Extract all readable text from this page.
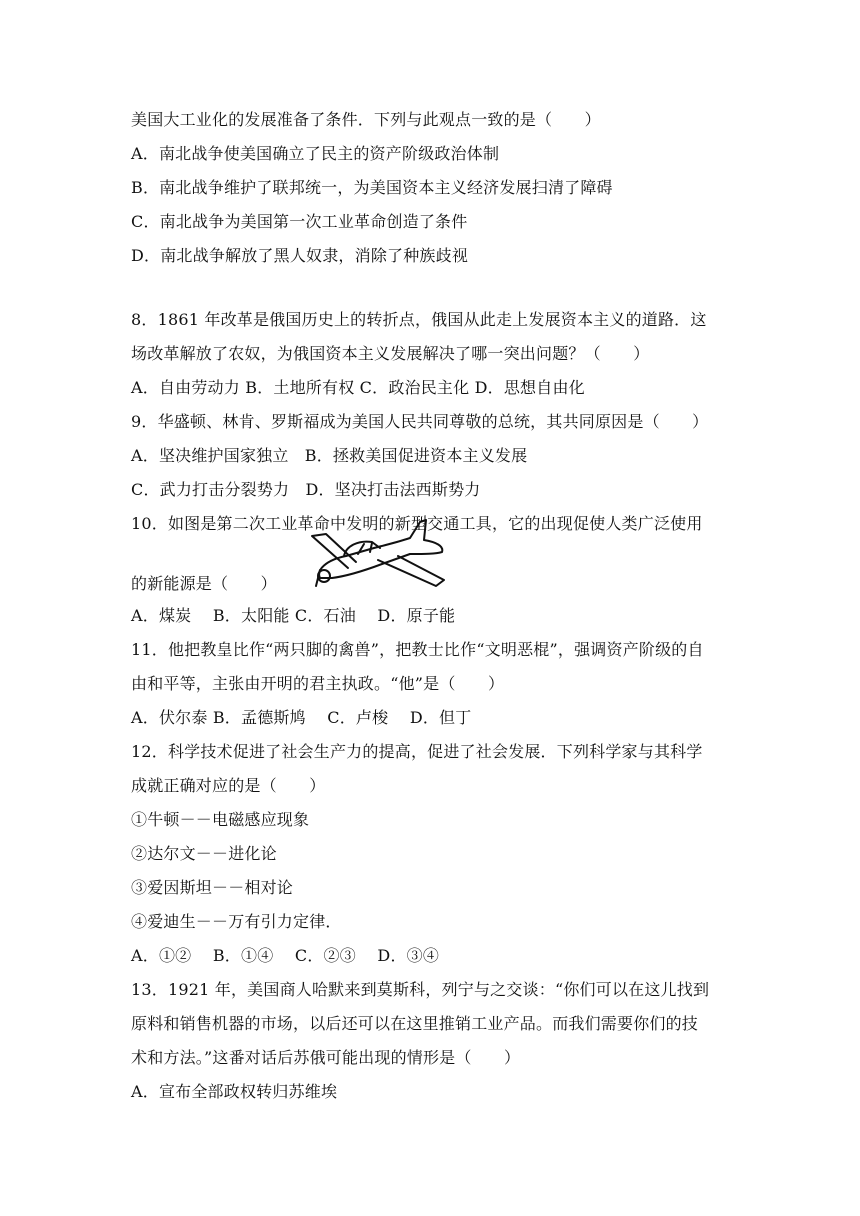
美国大工业化的发展准备了条件．下列与此观点一致的是（　　）
A．南北战争使美国确立了民主的资产阶级政治体制
B．南北战争维护了联邦统一，为美国资本主义经济发展扫清了障碍
C．南北战争为美国第一次工业革命创造了条件
D．南北战争解放了黑人奴隶，消除了种族歧视
8．1861 年改革是俄国历史上的转折点，俄国从此走上发展资本主义的道路．这
场改革解放了农奴，为俄国资本主义发展解决了哪一突出问题？（　　）
A．自由劳动力 B．土地所有权 C．政治民主化 D．思想自由化
9．华盛顿、林肯、罗斯福成为美国人民共同尊敬的总统，其共同原因是（　　）
A．坚决维护国家独立　B．拯救美国促进资本主义发展
C．武力打击分裂势力　D．坚决打击法西斯势力
10．如图是第二次工业革命中发明的新型交通工具，它的出现促使人类广泛使用
的新能源是（　　）
A．煤炭　 B．太阳能 C．石油　 D．原子能
11．他把教皇比作“两只脚的禽兽”，把教士比作“文明恶棍”，强调资产阶级的自
由和平等，主张由开明的君主执政。“他”是（　　）
A．伏尔泰 B．孟德斯鸠　 C．卢梭　 D．但丁
12．科学技术促进了社会生产力的提高，促进了社会发展．下列科学家与其科学
成就正确对应的是（　　）
①牛顿－－电磁感应现象
②达尔文－－进化论
③爱因斯坦－－相对论
④爱迪生－－万有引力定律．
A．①②　 B．①④　 C．②③　 D．③④
13．1921 年，美国商人哈默来到莫斯科，列宁与之交谈：“你们可以在这儿找到
原料和销售机器的市场，以后还可以在这里推销工业产品。而我们需要你们的技
术和方法。”这番对话后苏俄可能出现的情形是（　　）
A．宣布全部政权转归苏维埃
